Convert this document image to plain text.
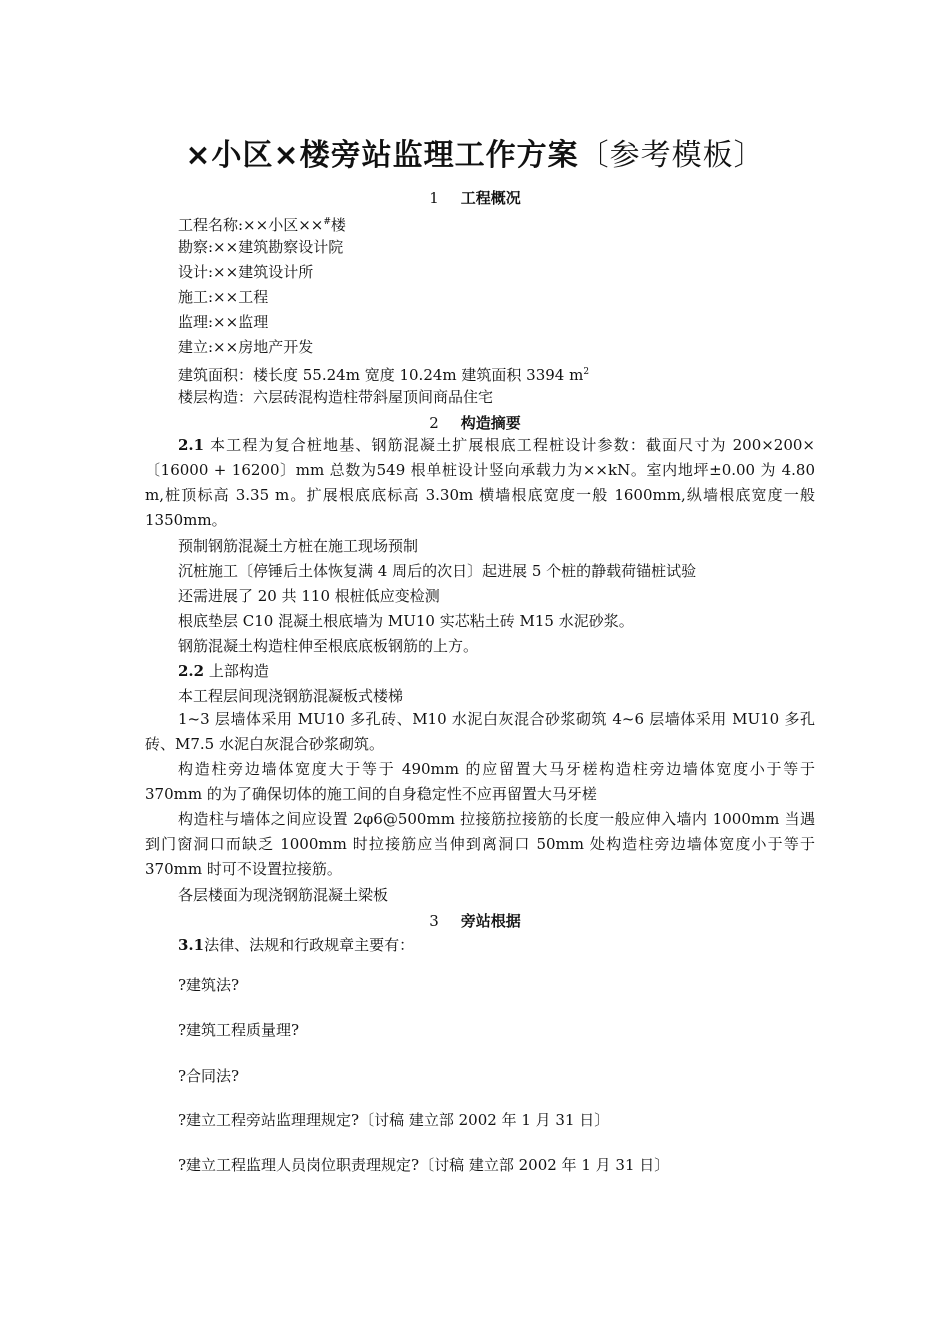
×小区×楼旁站监理工作方案〔参考模板〕
1 工程概况

工程名称:××小区××#楼

勘察:××建筑勘察设计院

设计:××建筑设计所

施工:××工程

监理:××监理

建立:××房地产开发

建筑面积：楼长度 55.24m 宽度 10.24m 建筑面积 3394 $m^2$

楼层构造：六层砖混构造柱带斜屋顶间商品住宅

2 构造摘要

2.1 本工程为复合桩地基、钢筋混凝土扩展根底工程桩设计参数：截面尺寸为 200×200×〔16000 + 16200〕mm 总数为549 根单桩设计竖向承载力为××kN。室内地坪±0.00 为 4.80 m,桩顶标高 3.35 m。扩展根底底标高 3.30m 横墙根底宽度一般 1600mm,纵墙根底宽度一般 1350mm。

预制钢筋混凝土方桩在施工现场预制

沉桩施工〔停锤后土体恢复满 4 周后的次日〕起进展 5 个桩的静载荷锚桩试验

还需进展了 20 共 110 根桩低应变检测

根底垫层 C10 混凝土根底墙为 MU10 实芯粘土砖 M15 水泥砂浆。

钢筋混凝土构造柱伸至根底底板钢筋的上方。

2.2 上部构造

本工程层间现浇钢筋混凝板式楼梯

1~3 层墙体采用 MU10 多孔砖、M10 水泥白灰混合砂浆砌筑 4~6 层墙体采用 MU10 多孔砖、M7.5 水泥白灰混合砂浆砌筑。

构造柱旁边墙体宽度大于等于 490mm 的应留置大马牙槎构造柱旁边墙体宽度小于等于 370mm 的为了确保切体的施工间的自身稳定性不应再留置大马牙槎

构造柱与墙体之间应设置 2φ6@500mm 拉接筋拉接筋的长度一般应伸入墙内 1000mm 当遇到门窗洞口而缺乏 1000mm 时拉接筋应当伸到离洞口 50mm 处构造柱旁边墙体宽度小于等于 370mm 时可不设置拉接筋。

各层楼面为现浇钢筋混凝土梁板

3 旁站根据

3.1法律、法规和行政规章主要有：

?建筑法?

?建筑工程质量理?

?合同法?

?建立工程旁站监理理规定?〔讨稿 建立部 2002 年 1 月 31 日〕

?建立工程监理人员岗位职责理规定?〔讨稿 建立部 2002 年 1 月 31 日〕
